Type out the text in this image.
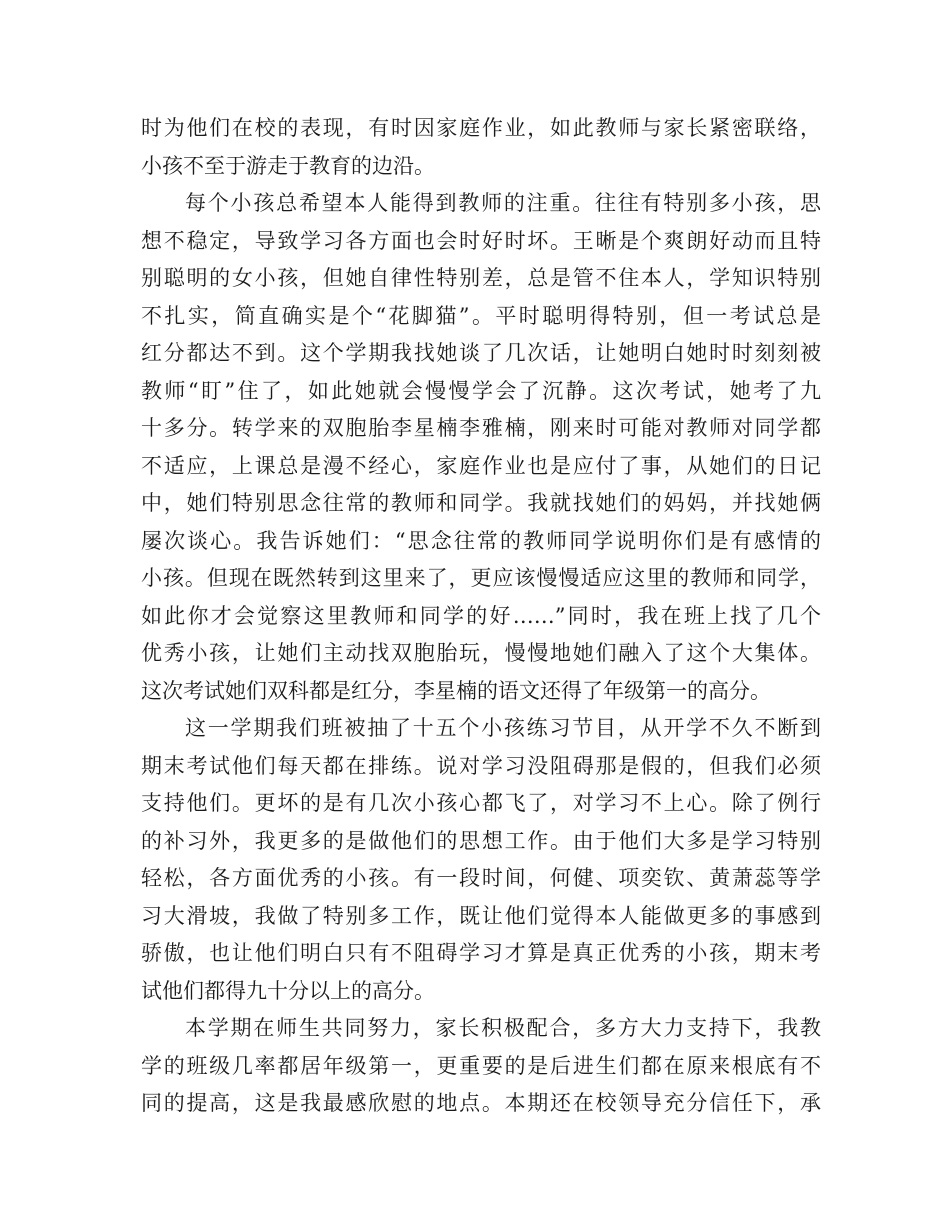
时为他们在校的表现，有时因家庭作业，如此教师与家长紧密联络，
小孩不至于游走于教育的边沿。
每个小孩总希望本人能得到教师的注重。往往有特别多小孩，思
想不稳定，导致学习各方面也会时好时坏。王晰是个爽朗好动而且特
别聪明的女小孩，但她自律性特别差，总是管不住本人，学知识特别
不扎实，简直确实是个“花脚猫”。平时聪明得特别，但一考试总是
红分都达不到。这个学期我找她谈了几次话，让她明白她时时刻刻被
教师“盯”住了，如此她就会慢慢学会了沉静。这次考试，她考了九
十多分。转学来的双胞胎李星楠李雅楠，刚来时可能对教师对同学都
不适应，上课总是漫不经心，家庭作业也是应付了事，从她们的日记
中，她们特别思念往常的教师和同学。我就找她们的妈妈，并找她俩
屡次谈心。我告诉她们：“思念往常的教师同学说明你们是有感情的
小孩。但现在既然转到这里来了，更应该慢慢适应这里的教师和同学，
如此你才会觉察这里教师和同学的好……”同时，我在班上找了几个
优秀小孩，让她们主动找双胞胎玩，慢慢地她们融入了这个大集体。
这次考试她们双科都是红分，李星楠的语文还得了年级第一的高分。
这一学期我们班被抽了十五个小孩练习节目，从开学不久不断到
期末考试他们每天都在排练。说对学习没阻碍那是假的，但我们必须
支持他们。更坏的是有几次小孩心都飞了，对学习不上心。除了例行
的补习外，我更多的是做他们的思想工作。由于他们大多是学习特别
轻松，各方面优秀的小孩。有一段时间，何健、项奕钦、黄萧蕊等学
习大滑坡，我做了特别多工作，既让他们觉得本人能做更多的事感到
骄傲，也让他们明白只有不阻碍学习才算是真正优秀的小孩，期末考
试他们都得九十分以上的高分。
本学期在师生共同努力，家长积极配合，多方大力支持下，我教
学的班级几率都居年级第一，更重要的是后进生们都在原来根底有不
同的提高，这是我最感欣慰的地点。本期还在校领导充分信任下，承
